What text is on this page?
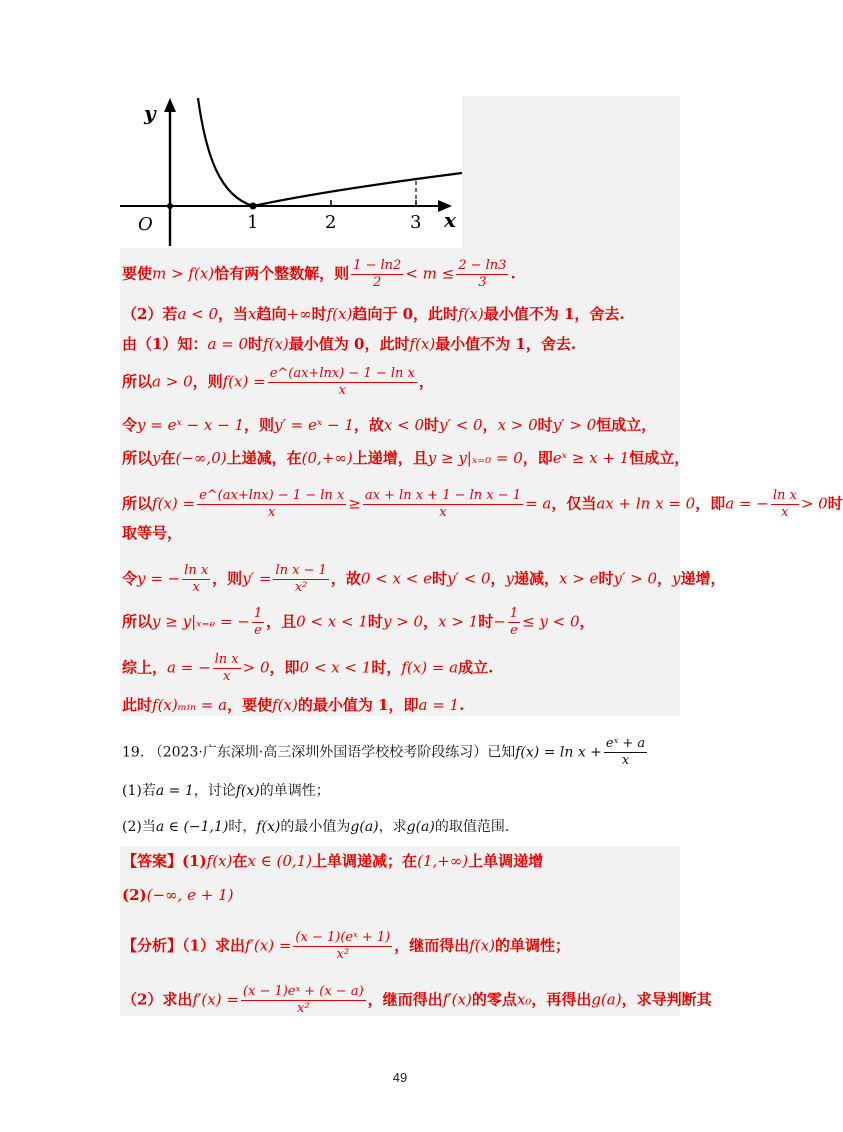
y
x
O	1	2	3
要使m > f(x)恰有两个整数解，则 $\frac{1 - \ln 2}{2} < m \le \frac{2 - \ln 3}{3}$ .
（2）若a < 0，当x趋向+∞时f(x)趋向于 0，此时f(x)最小值不为 1，舍去.
由（1）知：a = 0时f(x)最小值为 0，此时f(x)最小值不为 1，舍去.
所以a > 0，则$f(x) = \frac{\text{e\textasciicircum{}(ax+lnx) − 1 − ln x}}{x}$ ，
令y = eˣ − x − 1，则y′ = eˣ − 1，故x < 0时y′ < 0，x > 0时y′ > 0恒成立，
所以y在(−∞,0)上递减，在(0,+∞)上递增，且y ≥ y|ₓ₌₀ = 0，即eˣ ≥ x + 1恒成立，
所以$f(x) = \frac{\text{e\textasciicircum{}(ax+lnx) − 1 − ln x}}{x} \ge \frac{\text{ax + ln x + 1 − ln x − 1}}{x} = a$，仅当ax + ln x = 0，即a = − $\frac{\text{ln x}}{x} > 0$时
取等号，
令y = − $\frac{\text{ln x}}{x}$ ，则$y' = \frac{\text{ln x − 1}}{\text{x²}}$ ，故0 < x < e时y′ < 0，y递减，x > e时y′ > 0，y递增，
所以y ≥ y|ₓ₌ₑ = − $\frac{1}{e}$ ，且0 < x < 1时y > 0，x > 1时− $\frac{1}{e} \le y < 0$，
综上，a = − $\frac{\text{ln x}}{x} > 0$，即0 < x < 1时，f(x) = a成立.
此时f(x)ₘᵢₙ = a，要使f(x)的最小值为 1，即a = 1.
19. （2023·广东深圳·高三深圳外国语学校校考阶段练习）已知$f(x) = \ln x + \frac{\text{eˣ + a}}{x}$
(1)若a = 1，讨论f(x)的单调性；
(2)当a ∈ (−1,1)时，f(x)的最小值为g(a)，求g(a)的取值范围.
【答案】(1)f(x)在x ∈ (0,1)上单调递减；在(1,+∞)上单调递增
(2)(−∞, e + 1)
【分析】（1）求出$f'(x) = \frac{\text{(x − 1)(eˣ + 1)}}{\text{x²}}$ ，继而得出f(x)的单调性；
（2）求出$f'(x) = \frac{\text{(x − 1)eˣ + (x − a)}}{\text{x²}}$ ，继而得出f′(x)的零点x₀，再得出g(a)，求导判断其
49
